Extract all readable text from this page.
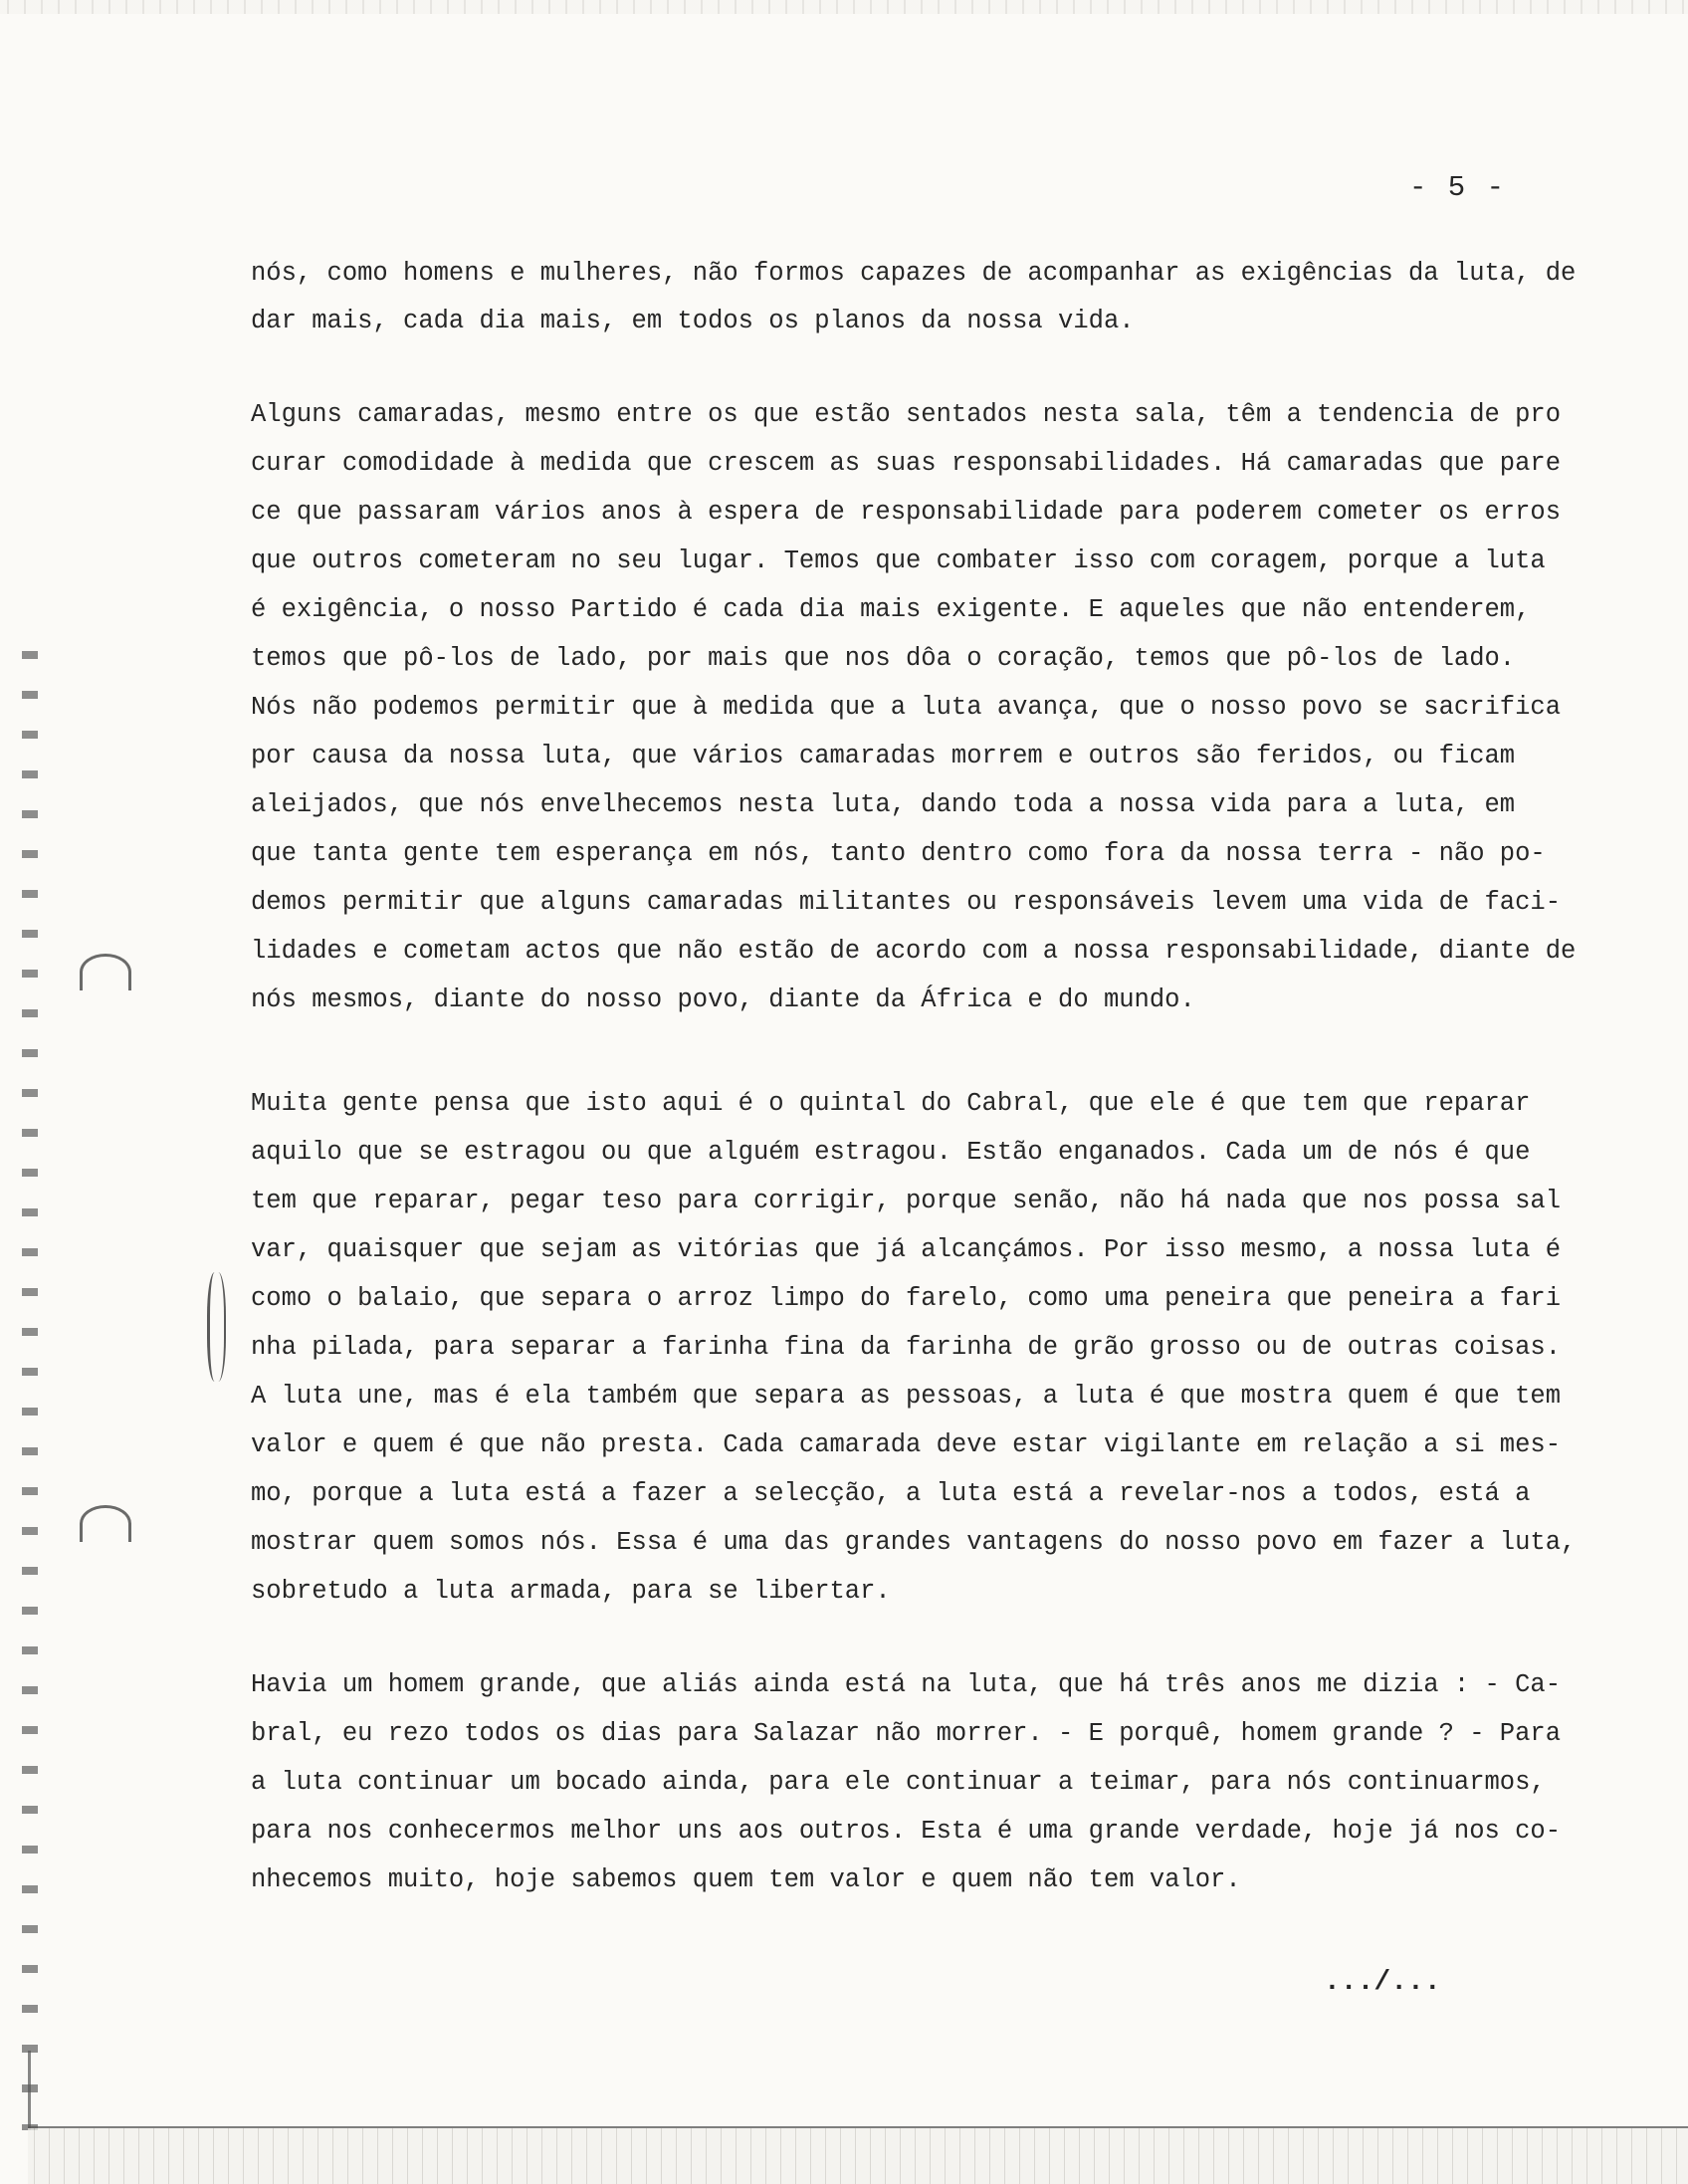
- 5 -
nós, como homens e mulheres, não formos capazes de acompanhar as exigências da luta, de
dar mais, cada dia mais, em todos os planos da nossa vida.
Alguns camaradas, mesmo entre os que estão sentados nesta sala, têm a tendencia de pro
curar comodidade à medida que crescem as suas responsabilidades. Há camaradas que pare
ce que passaram vários anos à espera de responsabilidade para poderem cometer os erros
que outros cometeram no seu lugar. Temos que combater isso com coragem, porque a luta
é exigência, o nosso Partido é cada dia mais exigente. E aqueles que não entenderem,
temos que pô-los de lado, por mais que nos dôa o coração, temos que pô-los de lado.
Nós não podemos permitir que à medida que a luta avança, que o nosso povo se sacrifica
por causa da nossa luta, que vários camaradas morrem e outros são feridos, ou ficam
aleijados, que nós envelhecemos nesta luta, dando toda a nossa vida para a luta, em
que tanta gente tem esperança em nós, tanto dentro como fora da nossa terra - não po-
demos permitir que alguns camaradas militantes ou responsáveis levem uma vida de faci-
lidades e cometam actos que não estão de acordo com a nossa responsabilidade, diante de
nós mesmos, diante do nosso povo, diante da África e do mundo.
Muita gente pensa que isto aqui é o quintal do Cabral, que ele é que tem que reparar
aquilo que se estragou ou que alguém estragou. Estão enganados. Cada um de nós é que
tem que reparar, pegar teso para corrigir, porque senão, não há nada que nos possa sal
var, quaisquer que sejam as vitórias que já alcançámos. Por isso mesmo, a nossa luta é
como o balaio, que separa o arroz limpo do farelo, como uma peneira que peneira a fari
nha pilada, para separar a farinha fina da farinha de grão grosso ou de outras coisas.
A luta une, mas é ela também que separa as pessoas, a luta é que mostra quem é que tem
valor e quem é que não presta. Cada camarada deve estar vigilante em relação a si mes-
mo, porque a luta está a fazer a selecção, a luta está a revelar-nos a todos, está a
mostrar quem somos nós. Essa é uma das grandes vantagens do nosso povo em fazer a luta,
sobretudo a luta armada, para se libertar.
Havia um homem grande, que aliás ainda está na luta, que há três anos me dizia : - Ca-
bral, eu rezo todos os dias para Salazar não morrer. - E porquê, homem grande ? - Para
a luta continuar um bocado ainda, para ele continuar a teimar, para nós continuarmos,
para nos conhecermos melhor uns aos outros. Esta é uma grande verdade, hoje já nos co-
nhecemos muito, hoje sabemos quem tem valor e quem não tem valor.
.../...
